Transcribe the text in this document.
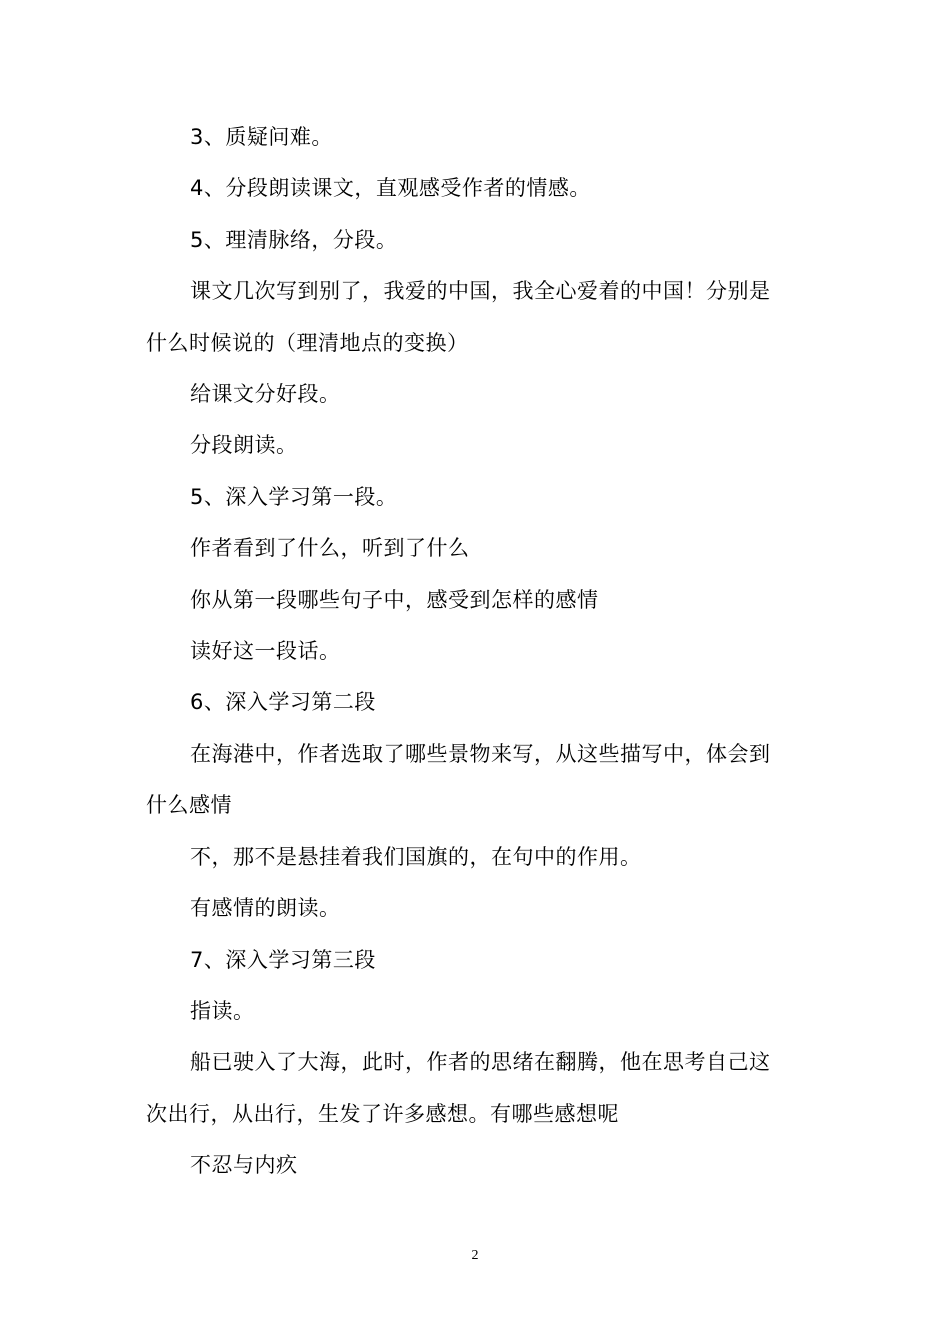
3、质疑问难。

4、分段朗读课文，直观感受作者的情感。

5、理清脉络，分段。

课文几次写到别了，我爱的中国，我全心爱着的中国！分别是

什么时候说的（理清地点的变换）

给课文分好段。

分段朗读。

5、深入学习第一段。

作者看到了什么，听到了什么

你从第一段哪些句子中，感受到怎样的感情

读好这一段话。

6、深入学习第二段

在海港中，作者选取了哪些景物来写，从这些描写中，体会到

什么感情

不，那不是悬挂着我们国旗的，在句中的作用。

有感情的朗读。

7、深入学习第三段

指读。

船已驶入了大海，此时，作者的思绪在翻腾，他在思考自己这

次出行，从出行，生发了许多感想。有哪些感想呢

不忍与内疚

2
